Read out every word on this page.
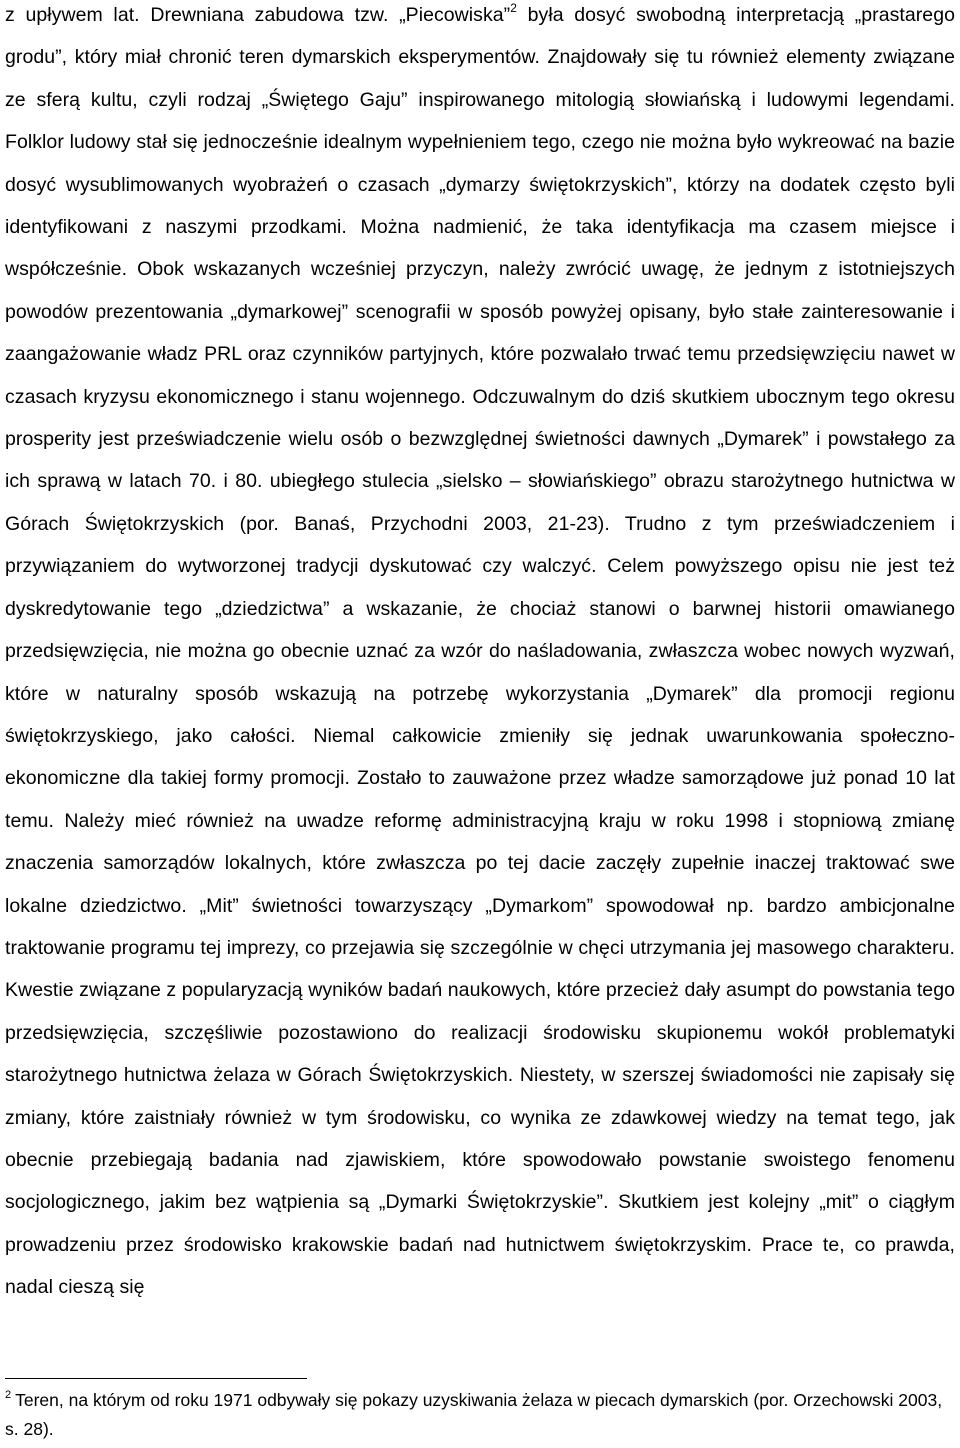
z upływem lat. Drewniana zabudowa tzw. „Piecowiska”$^2$ była dosyć swobodną interpretacją „prastarego grodu”, który miał chronić teren dymarskich eksperymentów. Znajdowały się tu również elementy związane ze sferą kultu, czyli rodzaj „Świętego Gaju” inspirowanego mitologią słowiańską i ludowymi legendami. Folklor ludowy stał się jednocześnie idealnym wypełnieniem tego, czego nie można było wykreować na bazie dosyć wysublimowanych wyobrażeń o czasach „dymarzy świętokrzyskich”, którzy na dodatek często byli identyfikowani z naszymi przodkami. Można nadmienić, że taka identyfikacja ma czasem miejsce i współcześnie. Obok wskazanych wcześniej przyczyn, należy zwrócić uwagę, że jednym z istotniejszych powodów prezentowania „dymarkowej” scenografii w sposób powyżej opisany, było stałe zainteresowanie i zaangażowanie władz PRL oraz czynników partyjnych, które pozwalało trwać temu przedsięwzięciu nawet w czasach kryzysu ekonomicznego i stanu wojennego. Odczuwalnym do dziś skutkiem ubocznym tego okresu prosperity jest przeświadczenie wielu osób o bezwzględnej świetności dawnych „Dymarek” i powstałego za ich sprawą w latach 70. i 80. ubiegłego stulecia „sielsko – słowiańskiego” obrazu starożytnego hutnictwa w Górach Świętokrzyskich (por. Banaś, Przychodni 2003, 21-23). Trudno z tym przeświadczeniem i przywiązaniem do wytworzonej tradycji dyskutować czy walczyć. Celem powyższego opisu nie jest też dyskredytowanie tego „dziedzictwa” a wskazanie, że chociaż stanowi o barwnej historii omawianego przedsięwzięcia, nie można go obecnie uznać za wzór do naśladowania, zwłaszcza wobec nowych wyzwań, które w naturalny sposób wskazują na potrzebę wykorzystania „Dymarek” dla promocji regionu świętokrzyskiego, jako całości. Niemal całkowicie zmieniły się jednak uwarunkowania społeczno-ekonomiczne dla takiej formy promocji. Zostało to zauważone przez władze samorządowe już ponad 10 lat temu. Należy mieć również na uwadze reformę administracyjną kraju w roku 1998 i stopniową zmianę znaczenia samorządów lokalnych, które zwłaszcza po tej dacie zaczęły zupełnie inaczej traktować swe lokalne dziedzictwo. „Mit” świetności towarzyszący „Dymarkom” spowodował np. bardzo ambicjonalne traktowanie programu tej imprezy, co przejawia się szczególnie w chęci utrzymania jej masowego charakteru. Kwestie związane z popularyzacją wyników badań naukowych, które przecież dały asumpt do powstania tego przedsięwzięcia, szczęśliwie pozostawiono do realizacji środowisku skupionemu wokół problematyki starożytnego hutnictwa żelaza w Górach Świętokrzyskich. Niestety, w szerszej świadomości nie zapisały się zmiany, które zaistniały również w tym środowisku, co wynika ze zdawkowej wiedzy na temat tego, jak obecnie przebiegają badania nad zjawiskiem, które spowodowało powstanie swoistego fenomenu socjologicznego, jakim bez wątpienia są „Dymarki Świętokrzyskie”. Skutkiem jest kolejny „mit” o ciągłym prowadzeniu przez środowisko krakowskie badań nad hutnictwem świętokrzyskim. Prace te, co prawda, nadal cieszą się

$^2$ Teren, na którym od roku 1971 odbywały się pokazy uzyskiwania żelaza w piecach dymarskich (por. Orzechowski 2003, s. 28).
